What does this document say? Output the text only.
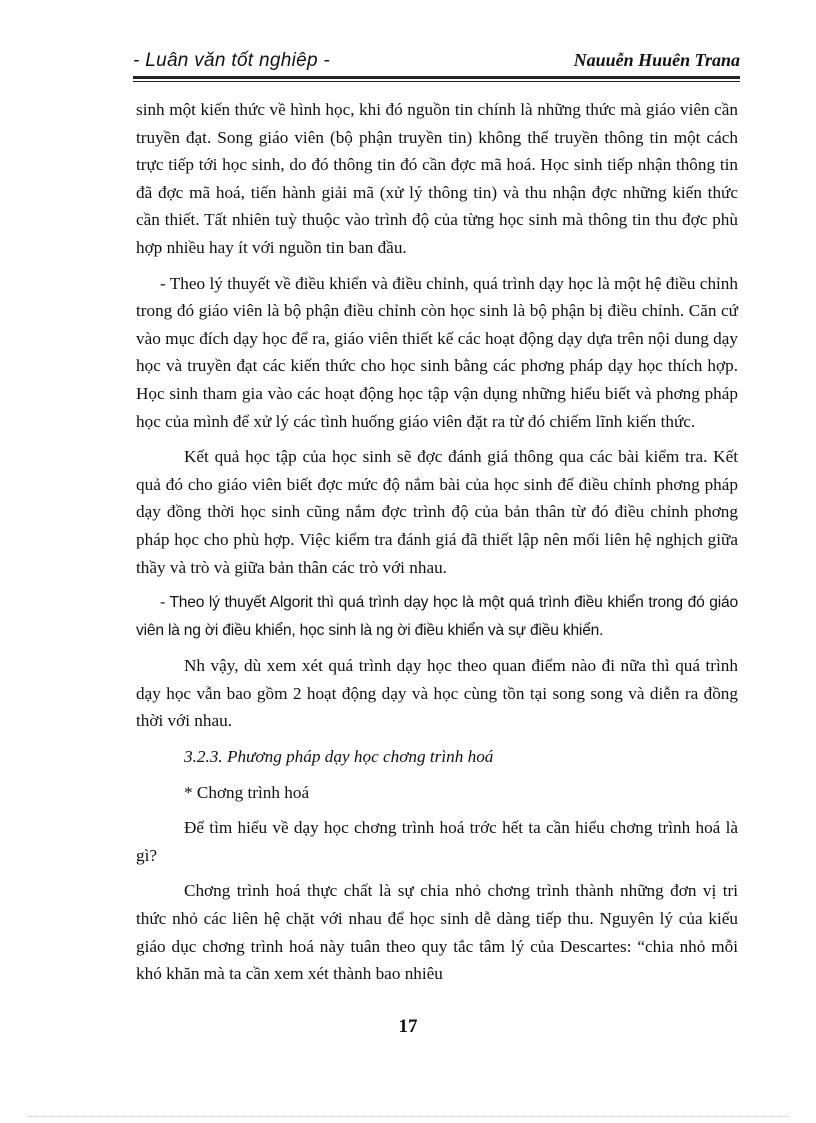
- Luân văn tốt nghiêp -	Nauuễn Huuên Trana

sinh một kiến thức về hình học, khi đó nguồn tin chính là những thức mà giáo viên cần truyền đạt. Song giáo viên (bộ phận truyền tin) không thể truyền thông tin một cách trực tiếp tới học sinh, do đó thông tin đó cần đợc mã hoá. Học sinh tiếp nhận thông tin đã đợc mã hoá, tiến hành giải mã (xử lý thông tin) và thu nhận đợc những kiến thức cần thiết. Tất nhiên tuỳ thuộc vào trình độ của từng học sinh mà thông tin thu đợc phù hợp nhiều hay ít với nguồn tin ban đầu.

- Theo lý thuyết về điều khiển và điều chỉnh, quá trình dạy học là một hệ điều chỉnh trong đó giáo viên là bộ phận điều chỉnh còn học sinh là bộ phận bị điều chỉnh. Căn cứ vào mục đích dạy học để ra, giáo viên thiết kế các hoạt động dạy dựa trên nội dung dạy học và truyền đạt các kiến thức cho học sinh bằng các phơng pháp dạy học thích hợp. Học sinh tham gia vào các hoạt động học tập vận dụng những hiểu biết và phơng pháp học của mình để xử lý các tình huống giáo viên đặt ra từ đó chiếm lĩnh kiến thức.

Kết quả học tập của học sinh sẽ đợc đánh giá thông qua các bài kiểm tra. Kết quả đó cho giáo viên biết đợc mức độ nắm bài của học sinh để điều chỉnh phơng pháp dạy đồng thời học sinh cũng nắm đợc trình độ của bản thân từ đó điều chỉnh phơng pháp học cho phù hợp. Việc kiểm tra đánh giá đã thiết lập nên mối liên hệ nghịch giữa thầy và trò và giữa bản thân các trò với nhau.

- Theo lý thuyết Algorit thì quá trình dạy học là một quá trình điều khiển trong đó giáo viên là ng ời điều khiển, học sinh là ng ời điều khiển và sự điều khiển.

Nh vậy, dù xem xét quá trình dạy học theo quan điểm nào đi nữa thì quá trình dạy học vẫn bao gồm 2 hoạt động dạy và học cùng tồn tại song song và diễn ra đồng thời với nhau.

3.2.3. Phương pháp dạy học chơng trình hoá

* Chơng trình hoá

Để tìm hiểu về dạy học chơng trình hoá trớc hết ta cần hiểu chơng trình hoá là gì?

Chơng trình hoá thực chất là sự chia nhỏ chơng trình thành những đơn vị tri thức nhỏ các liên hệ chặt với nhau để học sinh dễ dàng tiếp thu. Nguyên lý của kiểu giáo dục chơng trình hoá này tuân theo quy tắc tâm lý của Descartes: “chia nhỏ mỗi khó khăn mà ta cần xem xét thành bao nhiêu

17
